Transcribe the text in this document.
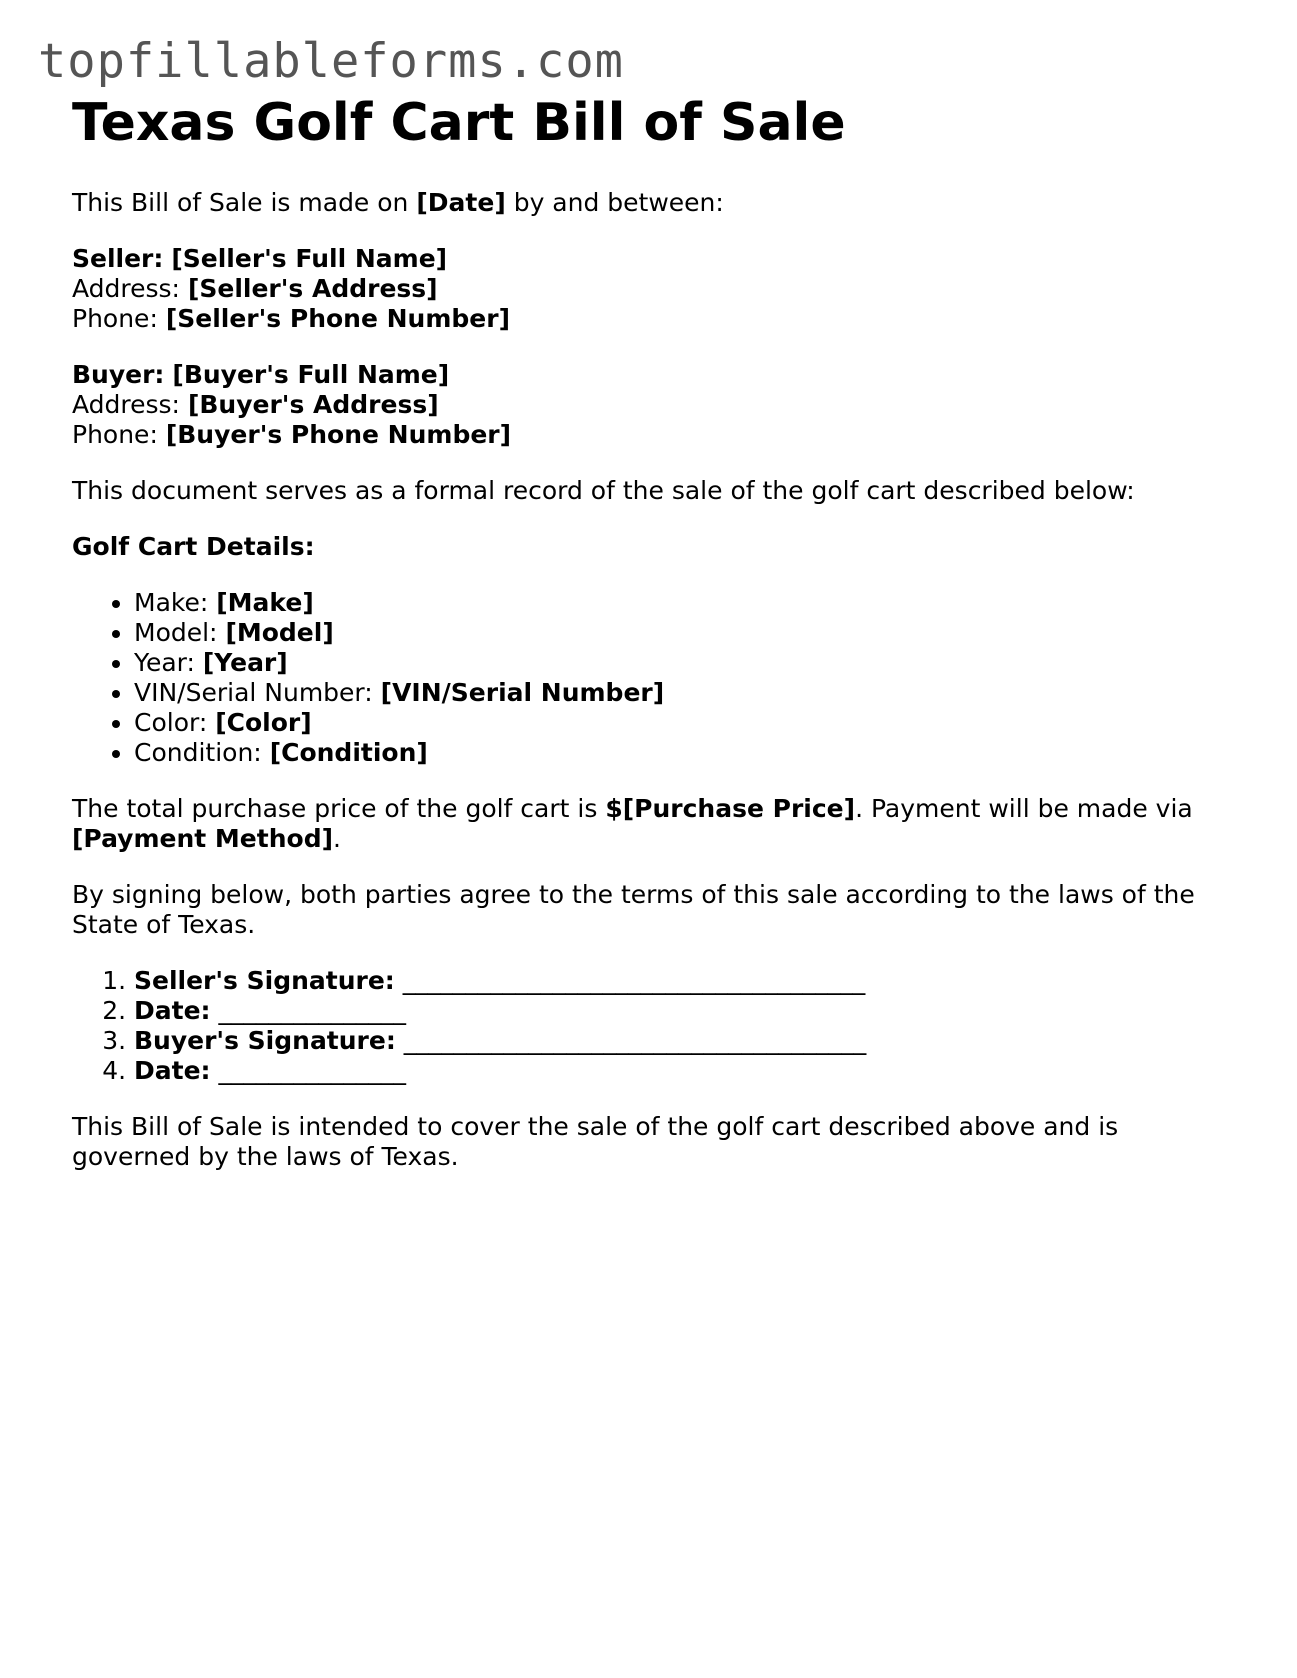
topfillableforms.com
Texas Golf Cart Bill of Sale

This Bill of Sale is made on [Date] by and between:

Seller: [Seller's Full Name]
Address: [Seller's Address]
Phone: [Seller's Phone Number]

Buyer: [Buyer's Full Name]
Address: [Buyer's Address]
Phone: [Buyer's Phone Number]

This document serves as a formal record of the sale of the golf cart described below:

Golf Cart Details:

• Make: [Make]
• Model: [Model]
• Year: [Year]
• VIN/Serial Number: [VIN/Serial Number]
• Color: [Color]
• Condition: [Condition]

The total purchase price of the golf cart is $[Purchase Price]. Payment will be made via [Payment Method].

By signing below, both parties agree to the terms of this sale according to the laws of the State of Texas.

1. Seller's Signature: _____________________________________
2. Date: _______________
3. Buyer's Signature: _____________________________________
4. Date: _______________

This Bill of Sale is intended to cover the sale of the golf cart described above and is governed by the laws of Texas.
